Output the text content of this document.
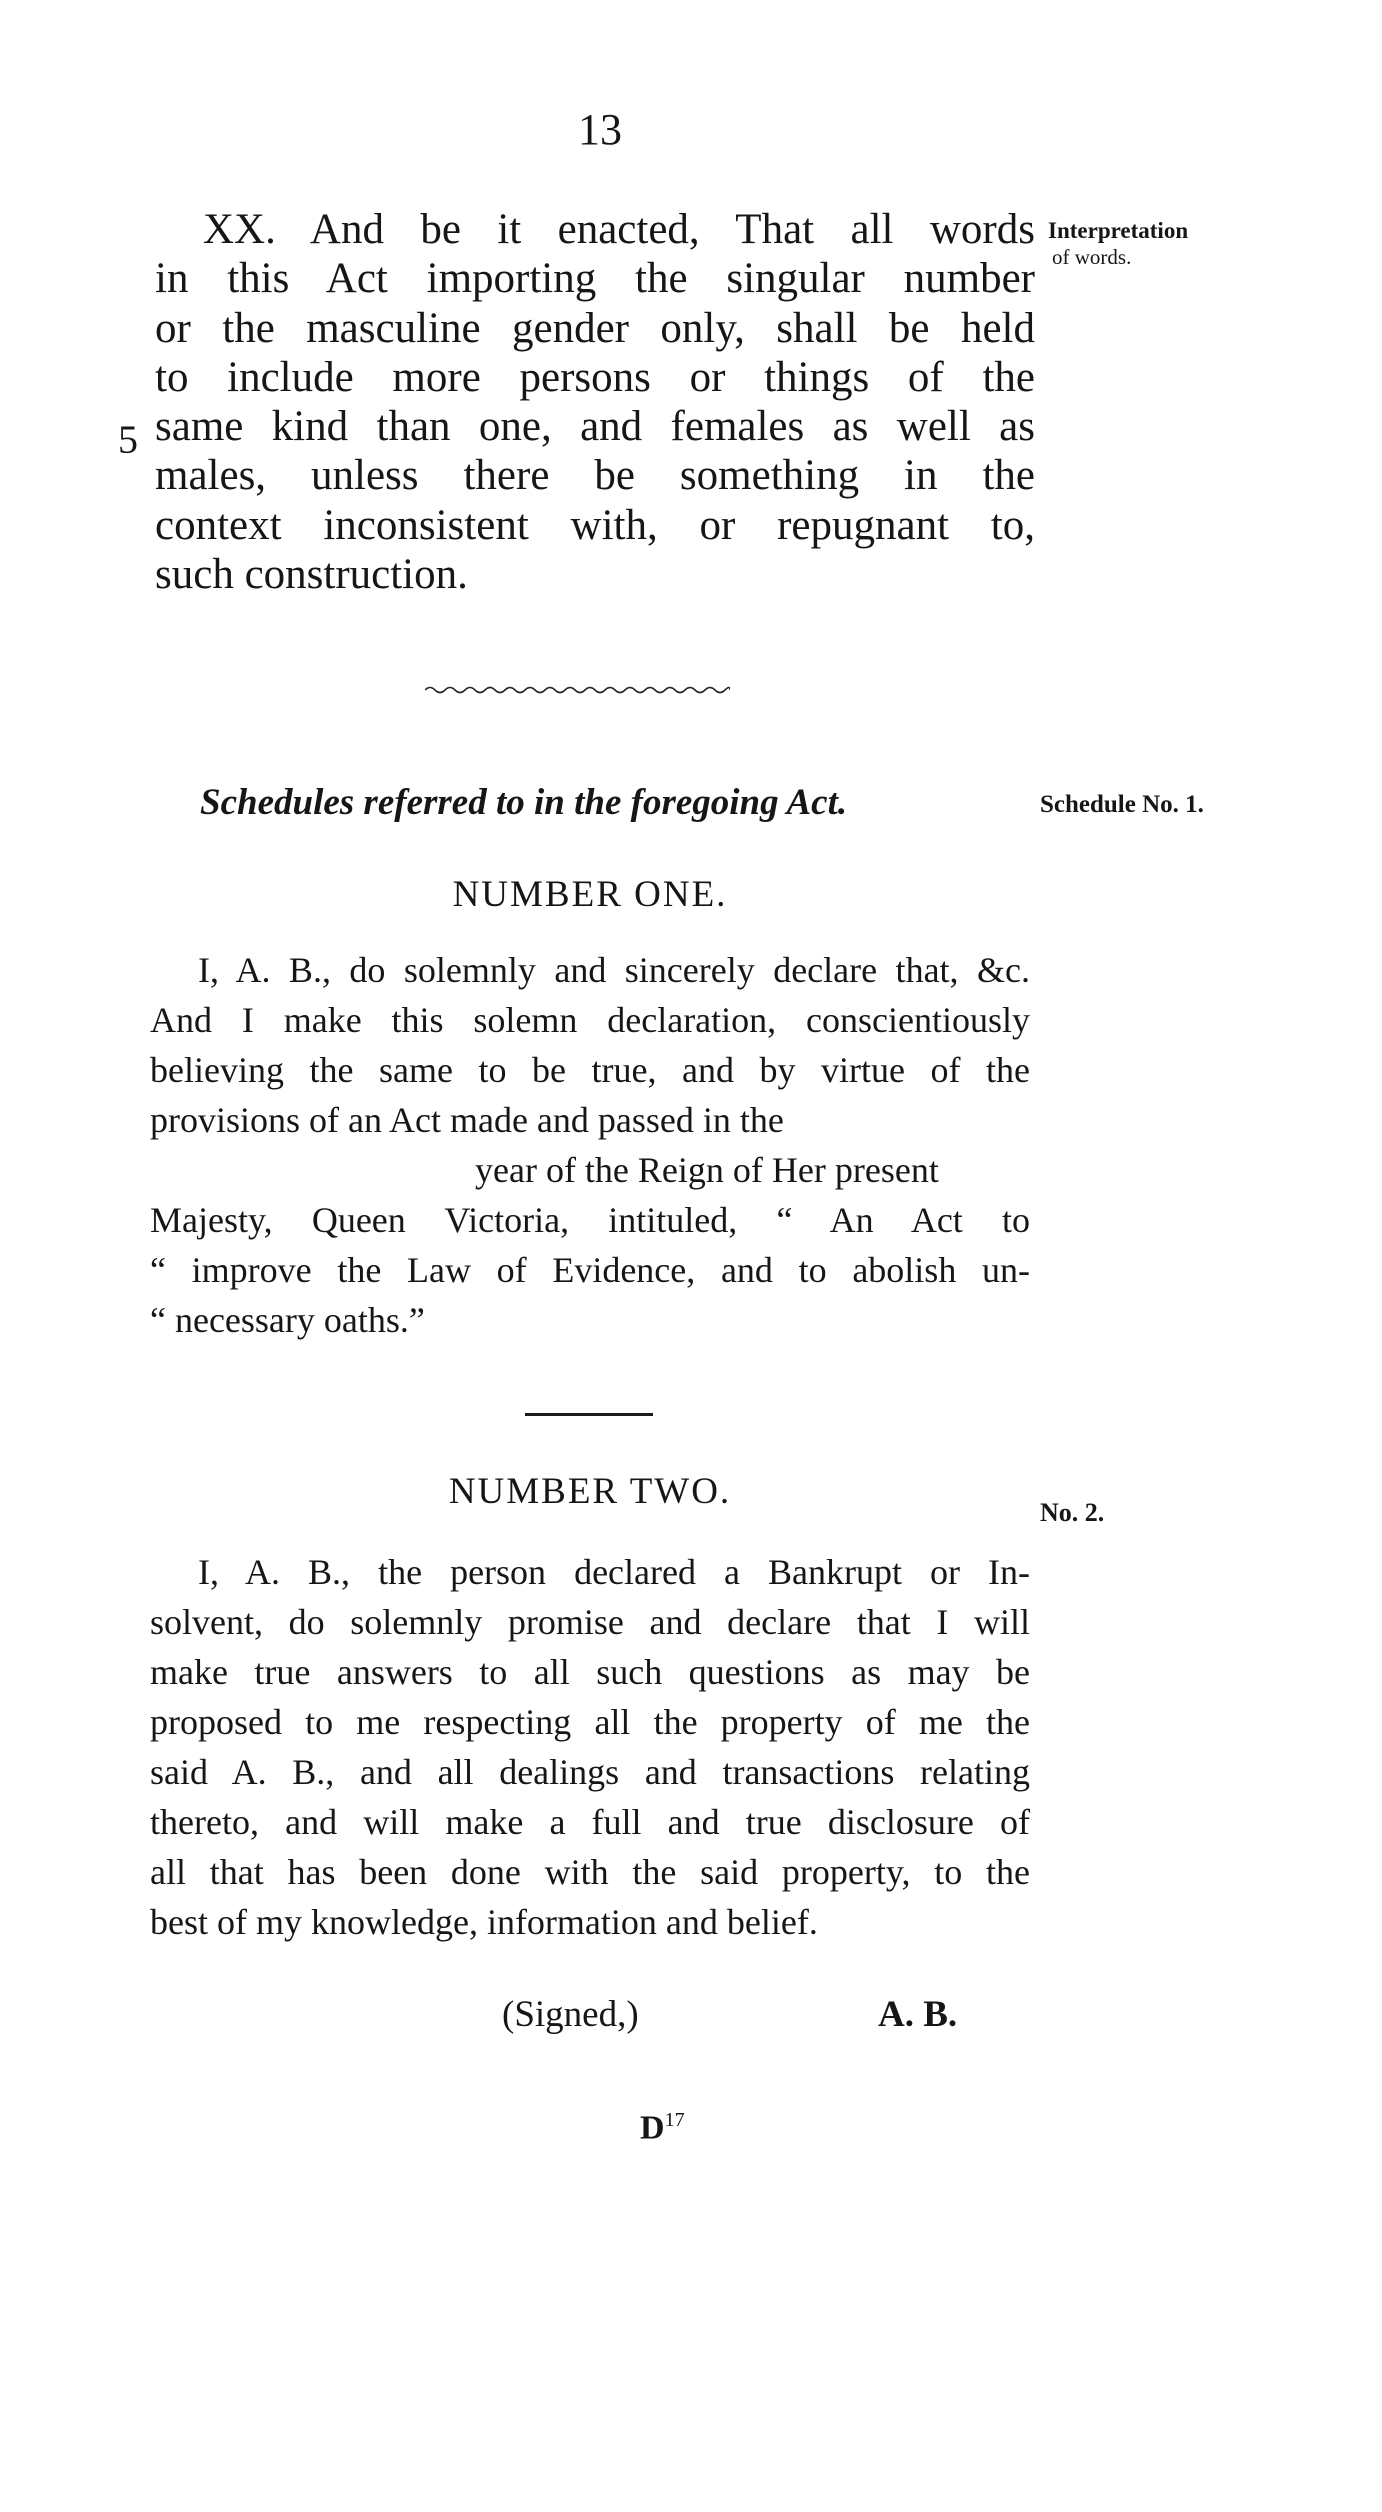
13
XX. And be it enacted, That all words
in this Act importing the singular number
or the masculine gender only, shall be held
to include more persons or things of the
same kind than one, and females as well as
males, unless there be something in the
context inconsistent with, or repugnant to,
such construction.
5
Interpretation
of words.
Schedules referred to in the foregoing Act.	Schedule No. 1.
NUMBER ONE.
I, A. B., do solemnly and sincerely declare that, &c.
And I make this solemn declaration, conscientiously
believing the same to be true, and by virtue of the
provisions of an Act made and passed in the
year of the Reign of Her present
Majesty, Queen Victoria, intituled, “ An Act to
“ improve the Law of Evidence, and to abolish un-
“ necessary oaths.”
NUMBER TWO.
No. 2.
I, A. B., the person declared a Bankrupt or In-
solvent, do solemnly promise and declare that I will
make true answers to all such questions as may be
proposed to me respecting all the property of me the
said A. B., and all dealings and transactions relating
thereto, and will make a full and true disclosure of
all that has been done with the said property, to the
best of my knowledge, information and belief.
(Signed,)	A. B.
$D^{17}$
